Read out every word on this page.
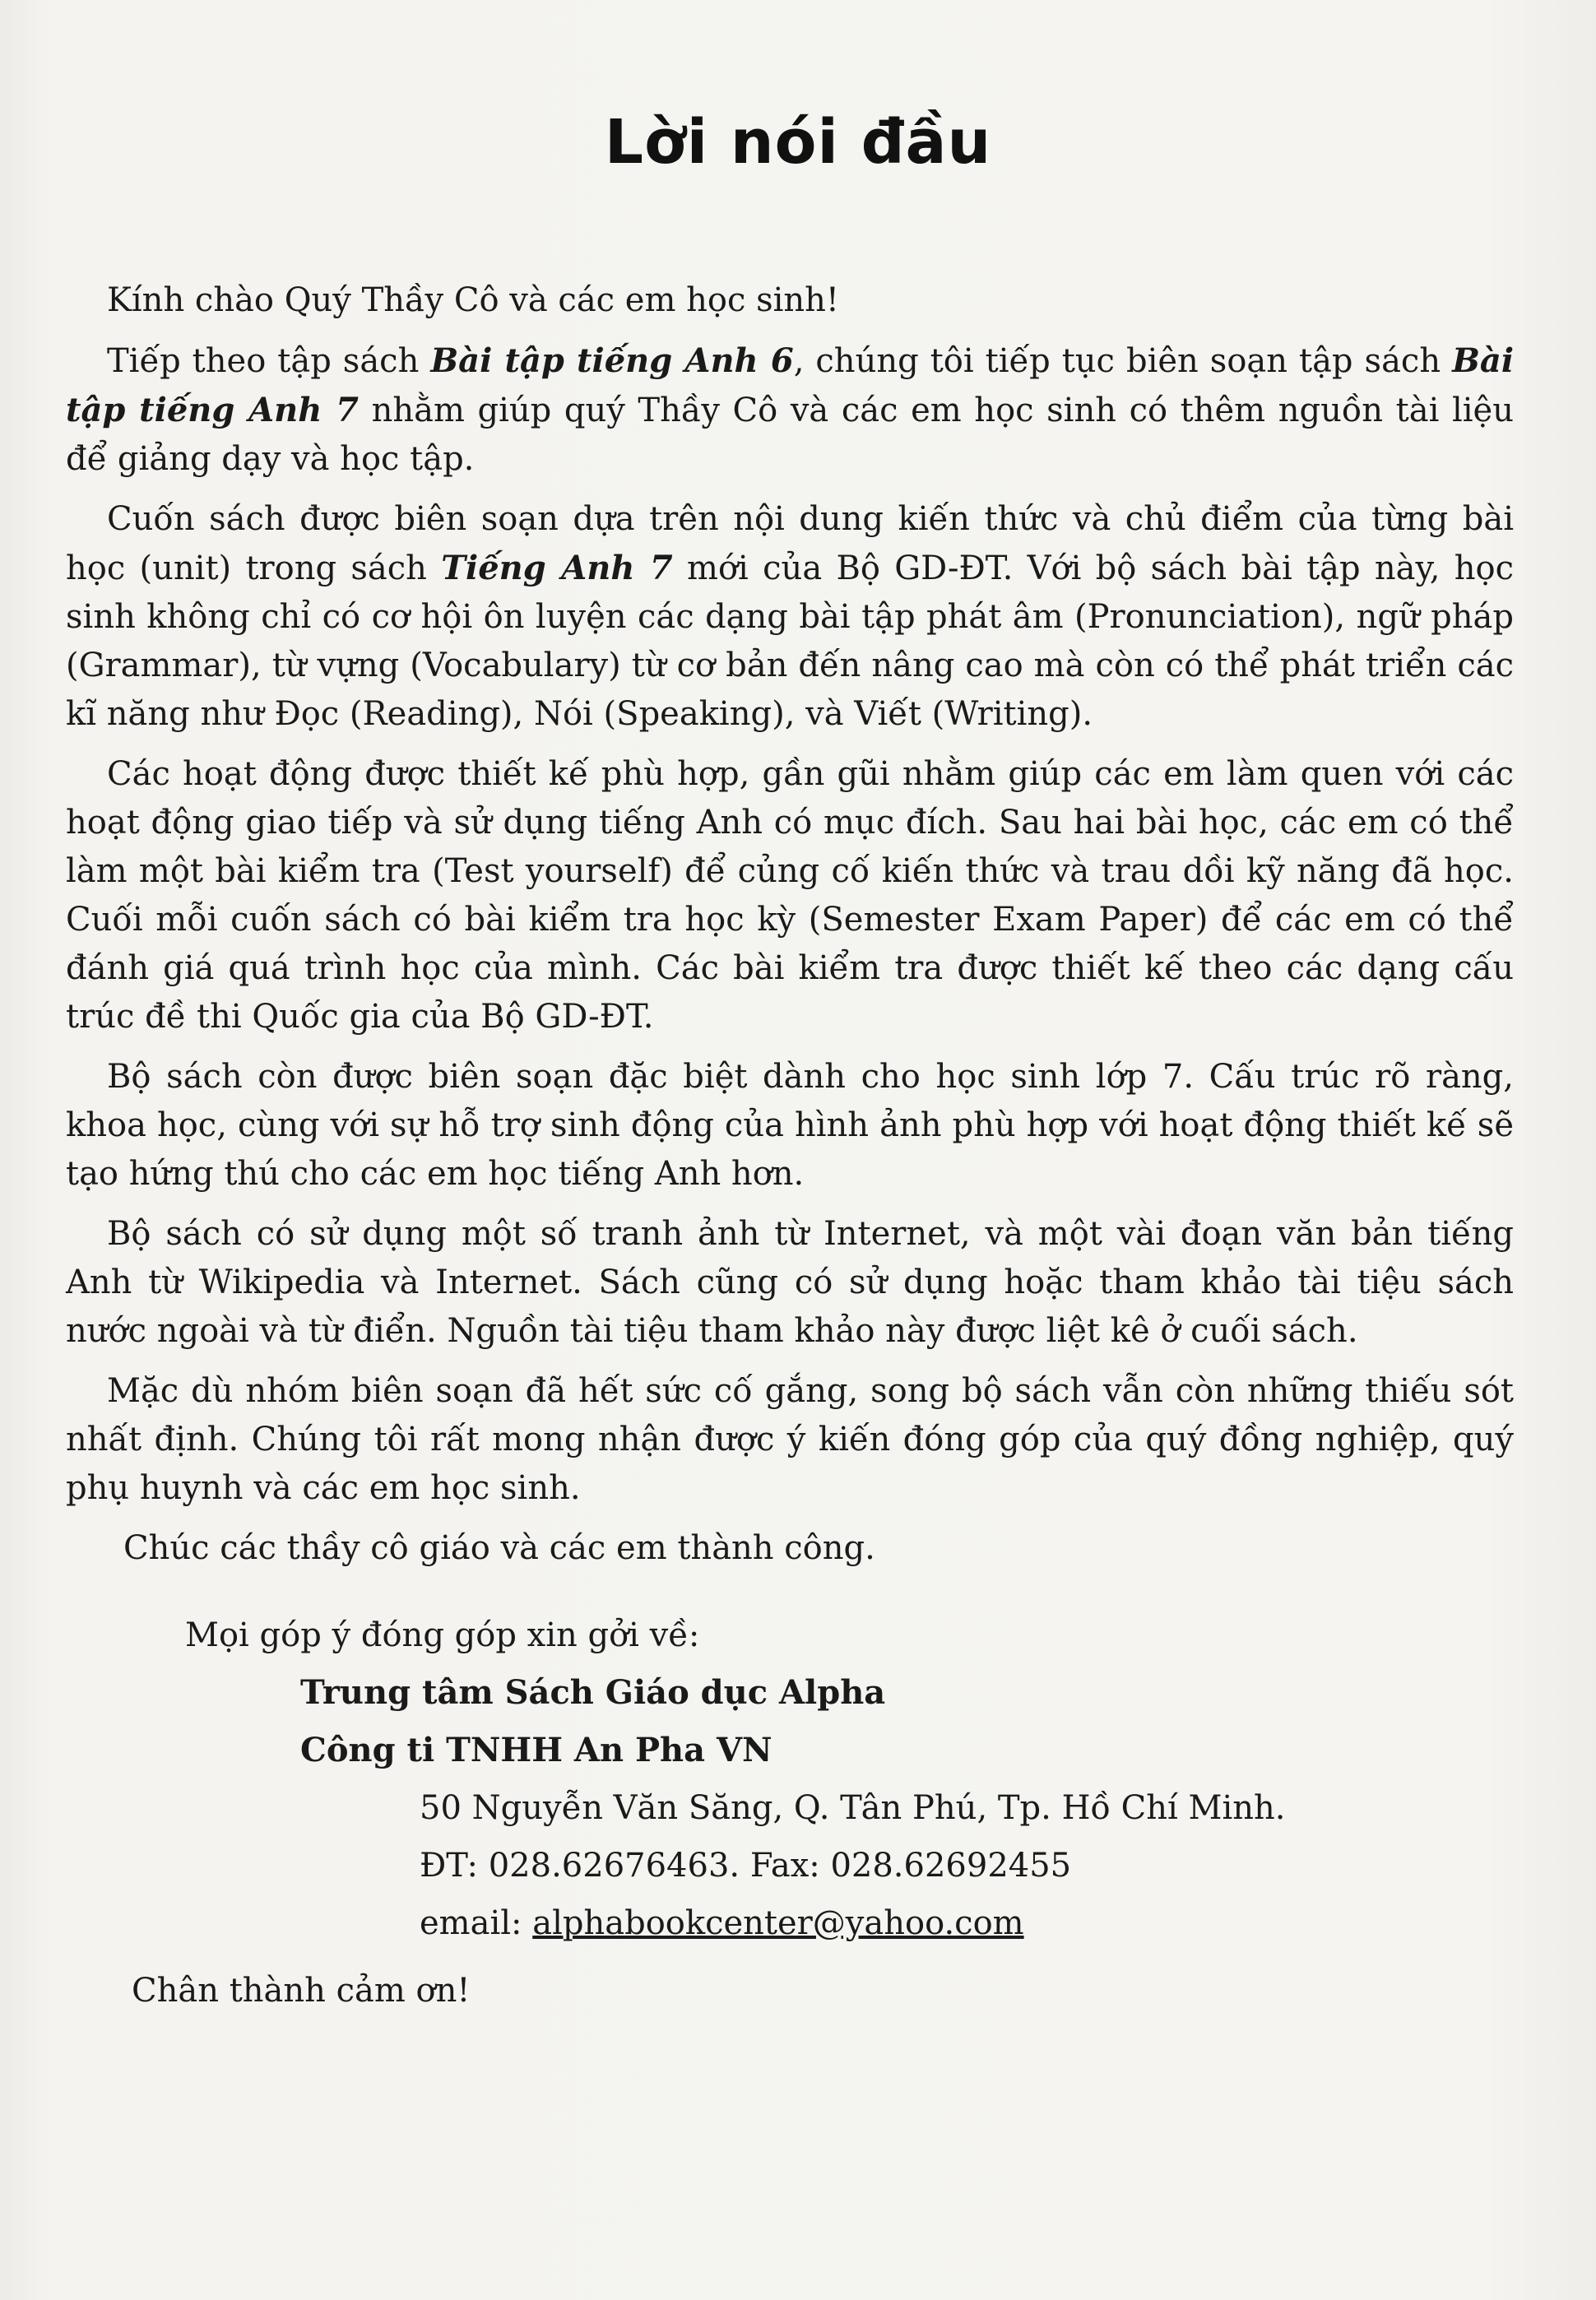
Lời nói đầu

Kính chào Quý Thầy Cô và các em học sinh!

Tiếp theo tập sách Bài tập tiếng Anh 6, chúng tôi tiếp tục biên soạn tập sách Bài tập tiếng Anh 7 nhằm giúp quý Thầy Cô và các em học sinh có thêm nguồn tài liệu để giảng dạy và học tập.

Cuốn sách được biên soạn dựa trên nội dung kiến thức và chủ điểm của từng bài học (unit) trong sách Tiếng Anh 7 mới của Bộ GD-ĐT. Với bộ sách bài tập này, học sinh không chỉ có cơ hội ôn luyện các dạng bài tập phát âm (Pronunciation), ngữ pháp (Grammar), từ vựng (Vocabulary) từ cơ bản đến nâng cao mà còn có thể phát triển các kĩ năng như Đọc (Reading), Nói (Speaking), và Viết (Writing).

Các hoạt động được thiết kế phù hợp, gần gũi nhằm giúp các em làm quen với các hoạt động giao tiếp và sử dụng tiếng Anh có mục đích. Sau hai bài học, các em có thể làm một bài kiểm tra (Test yourself) để củng cố kiến thức và trau dồi kỹ năng đã học. Cuối mỗi cuốn sách có bài kiểm tra học kỳ (Semester Exam Paper) để các em có thể đánh giá quá trình học của mình. Các bài kiểm tra được thiết kế theo các dạng cấu trúc đề thi Quốc gia của Bộ GD-ĐT.

Bộ sách còn được biên soạn đặc biệt dành cho học sinh lớp 7. Cấu trúc rõ ràng, khoa học, cùng với sự hỗ trợ sinh động của hình ảnh phù hợp với hoạt động thiết kế sẽ tạo hứng thú cho các em học tiếng Anh hơn.

Bộ sách có sử dụng một số tranh ảnh từ Internet, và một vài đoạn văn bản tiếng Anh từ Wikipedia và Internet. Sách cũng có sử dụng hoặc tham khảo tài tiệu sách nước ngoài và từ điển. Nguồn tài tiệu tham khảo này được liệt kê ở cuối sách.

Mặc dù nhóm biên soạn đã hết sức cố gắng, song bộ sách vẫn còn những thiếu sót nhất định. Chúng tôi rất mong nhận được ý kiến đóng góp của quý đồng nghiệp, quý phụ huynh và các em học sinh.

Chúc các thầy cô giáo và các em thành công.

Mọi góp ý đóng góp xin gởi về:

Trung tâm Sách Giáo dục Alpha

Công ti TNHH An Pha VN

50 Nguyễn Văn Săng, Q. Tân Phú, Tp. Hồ Chí Minh.

ĐT: 028.62676463. Fax: 028.62692455

email: alphabookcenter@yahoo.com

Chân thành cảm ơn!
